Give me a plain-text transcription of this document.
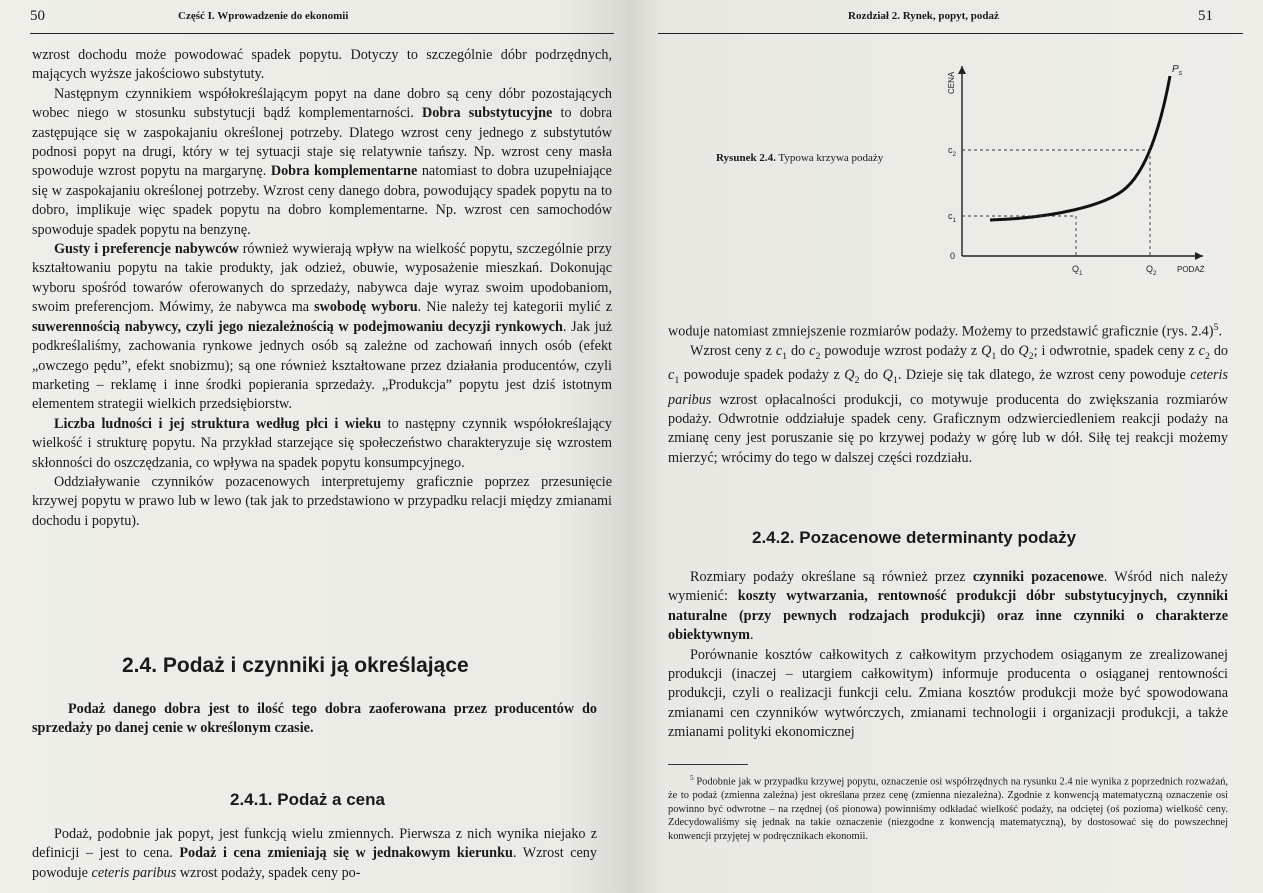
50	Część I. Wprowadzenie do ekonomii

wzrost dochodu może powodować spadek popytu. Dotyczy to szczególnie dóbr podrzędnych, mających wyższe jakościowo substytuty.

Następnym czynnikiem współokreślającym popyt na dane dobro są ceny dóbr pozostających wobec niego w stosunku substytucji bądź komplementarności. Dobra substytucyjne to dobra zastępujące się w zaspokajaniu określonej potrzeby. Dlatego wzrost ceny jednego z substytutów podnosi popyt na drugi, który w tej sytuacji staje się relatywnie tańszy. Np. wzrost ceny masła spowoduje wzrost popytu na margarynę. Dobra komplementarne natomiast to dobra uzupełniające się w zaspokajaniu określonej potrzeby. Wzrost ceny danego dobra, powodujący spadek popytu na to dobro, implikuje więc spadek popytu na dobro komplementarne. Np. wzrost cen samochodów spowoduje spadek popytu na benzynę.

Gusty i preferencje nabywców również wywierają wpływ na wielkość popytu, szczególnie przy kształtowaniu popytu na takie produkty, jak odzież, obuwie, wyposażenie mieszkań. Dokonując wyboru spośród towarów oferowanych do sprzedaży, nabywca daje wyraz swoim upodobaniom, swoim preferencjom. Mówimy, że nabywca ma swobodę wyboru. Nie należy tej kategorii mylić z suwerennością nabywcy, czyli jego niezależnością w podejmowaniu decyzji rynkowych. Jak już podkreślaliśmy, zachowania rynkowe jednych osób są zależne od zachowań innych osób (efekt „owczego pędu”, efekt snobizmu); są one również kształtowane przez działania producentów, czyli marketing – reklamę i inne środki popierania sprzedaży. „Produkcja” popytu jest dziś istotnym elementem strategii wielkich przedsiębiorstw.

Liczba ludności i jej struktura według płci i wieku to następny czynnik współokreślający wielkość i strukturę popytu. Na przykład starzejące się społeczeństwo charakteryzuje się wzrostem skłonności do oszczędzania, co wpływa na spadek popytu konsumpcyjnego.

Oddziaływanie czynników pozacenowych interpretujemy graficznie poprzez przesunięcie krzywej popytu w prawo lub w lewo (tak jak to przedstawiono w przypadku relacji między zmianami dochodu i popytu).

2.4. Podaż i czynniki ją określające
Podaż danego dobra jest to ilość tego dobra zaoferowana przez producentów do sprzedaży po danej cenie w określonym czasie.
2.4.1. Podaż a cena

Podaż, podobnie jak popyt, jest funkcją wielu zmiennych. Pierwsza z nich wynika niejako z definicji – jest to cena. Podaż i cena zmieniają się w jednakowym kierunku. Wzrost ceny powoduje ceteris paribus wzrost podaży, spadek ceny po-

Rozdział 2. Rynek, popyt, podaż	51
Rysunek 2.4. Typowa krzywa podaży
CENA
PODAŻ
0
$c_1$
$c_2$
$Q_1$	$Q_2$
$P_s$

woduje natomiast zmniejszenie rozmiarów podaży. Możemy to przedstawić graficznie (rys. 2.4)$^5$.

Wzrost ceny z $c_1$ do $c_2$ powoduje wzrost podaży z $Q_1$ do $Q_2$; i odwrotnie, spadek ceny z $c_2$ do $c_1$ powoduje spadek podaży z $Q_2$ do $Q_1$. Dzieje się tak dlatego, że wzrost ceny powoduje ceteris paribus wzrost opłacalności produkcji, co motywuje producenta do zwiększania rozmiarów podaży. Odwrotnie oddziałuje spadek ceny. Graficznym odzwierciedleniem reakcji podaży na zmianę ceny jest poruszanie się po krzywej podaży w górę lub w dół. Siłę tej reakcji możemy mierzyć; wrócimy do tego w dalszej części rozdziału.

2.4.2. Pozacenowe determinanty podaży

Rozmiary podaży określane są również przez czynniki pozacenowe. Wśród nich należy wymienić: koszty wytwarzania, rentowność produkcji dóbr substytucyjnych, czynniki naturalne (przy pewnych rodzajach produkcji) oraz inne czynniki o charakterze obiektywnym.

Porównanie kosztów całkowitych z całkowitym przychodem osiąganym ze zrealizowanej produkcji (inaczej – utargiem całkowitym) informuje producenta o osiąganej rentowności produkcji, czyli o realizacji funkcji celu. Zmiana kosztów produkcji może być spowodowana zmianami cen czynników wytwórczych, zmianami technologii i organizacji produkcji, a także zmianami polityki ekonomicznej

$^5$ Podobnie jak w przypadku krzywej popytu, oznaczenie osi współrzędnych na rysunku 2.4 nie wynika z poprzednich rozważań, że to podaż (zmienna zależna) jest określana przez cenę (zmienna niezależna). Zgodnie z konwencją matematyczną oznaczenie osi powinno być odwrotne – na rzędnej (oś pionowa) powinniśmy odkładać wielkość podaży, na odciętej (oś pozioma) wielkość ceny. Zdecydowaliśmy się jednak na takie oznaczenie (niezgodne z konwencją matematyczną), by dostosować się do powszechnej konwencji przyjętej w podręcznikach ekonomii.
